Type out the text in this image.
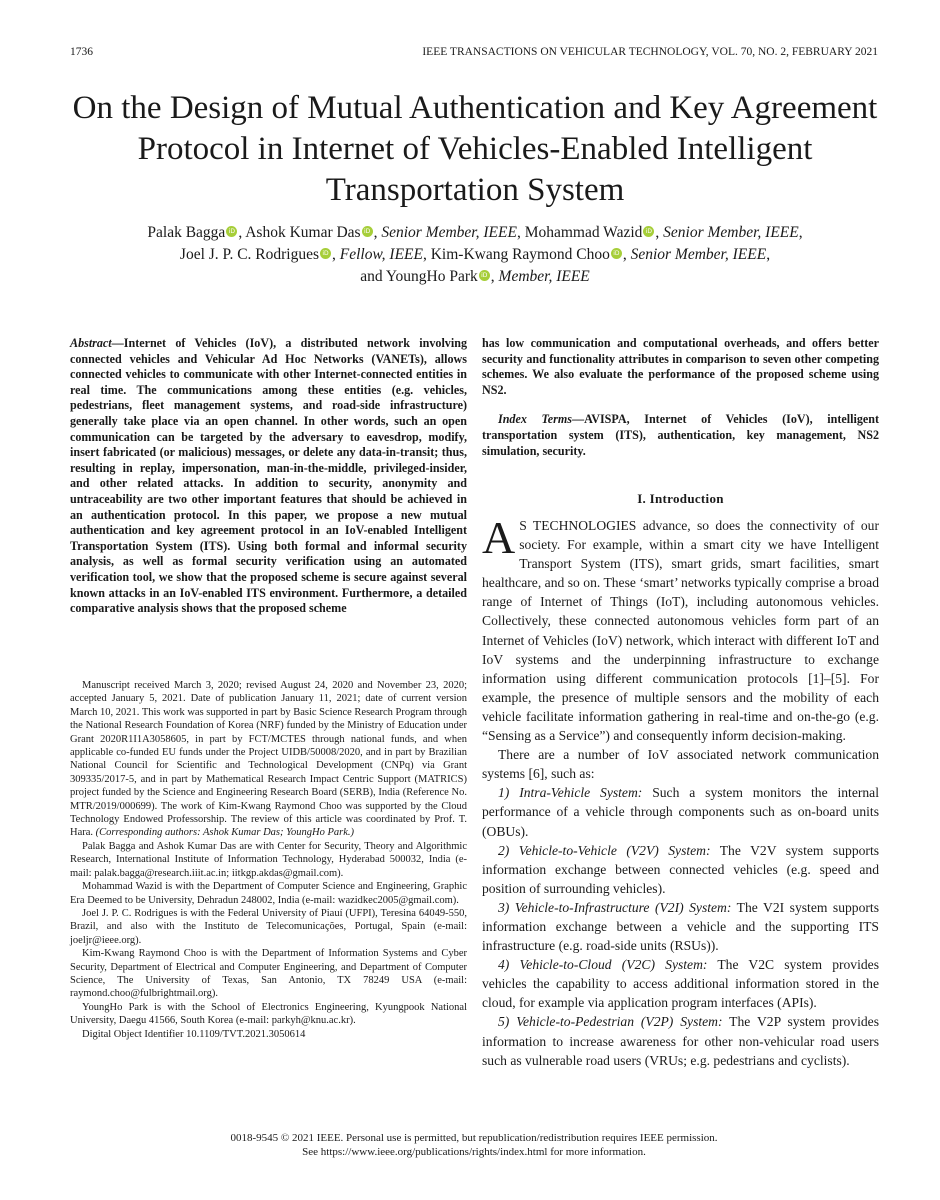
1736	IEEE TRANSACTIONS ON VEHICULAR TECHNOLOGY, VOL. 70, NO. 2, FEBRUARY 2021
On the Design of Mutual Authentication and Key Agreement Protocol in Internet of Vehicles-Enabled Intelligent Transportation System
Palak Bagga iD , Ashok Kumar Das iD , Senior Member, IEEE, Mohammad Wazid iD , Senior Member, IEEE,
Joel J. P. C. Rodrigues iD , Fellow, IEEE, Kim-Kwang Raymond Choo iD , Senior Member, IEEE,
and YoungHo Park iD , Member, IEEE

Abstract—Internet of Vehicles (IoV), a distributed network involving connected vehicles and Vehicular Ad Hoc Networks (VANETs), allows connected vehicles to communicate with other Internet-connected entities in real time. The communications among these entities (e.g. vehicles, pedestrians, fleet management systems, and road-side infrastructure) generally take place via an open channel. In other words, such an open communication can be targeted by the adversary to eavesdrop, modify, insert fabricated (or malicious) messages, or delete any data-in-transit; thus, resulting in replay, impersonation, man-in-the-middle, privileged-insider, and other related attacks. In addition to security, anonymity and untraceability are two other important features that should be achieved in an authentication protocol. In this paper, we propose a new mutual authentication and key agreement protocol in an IoV-enabled Intelligent Transportation System (ITS). Using both formal and informal security analysis, as well as formal security verification using an automated verification tool, we show that the proposed scheme is secure against several known attacks in an IoV-enabled ITS environment. Furthermore, a detailed comparative analysis shows that the proposed scheme

has low communication and computational overheads, and offers better security and functionality attributes in comparison to seven other competing schemes. We also evaluate the performance of the proposed scheme using NS2.

Index Terms—AVISPA, Internet of Vehicles (IoV), intelligent transportation system (ITS), authentication, key management, NS2 simulation, security.

Manuscript received March 3, 2020; revised August 24, 2020 and November 23, 2020; accepted January 5, 2021. Date of publication January 11, 2021; date of current version March 10, 2021. This work was supported in part by Basic Science Research Program through the National Research Foundation of Korea (NRF) funded by the Ministry of Education under Grant 2020R1I1A3058605, in part by FCT/MCTES through national funds, and when applicable co-funded EU funds under the Project UIDB/50008/2020, and in part by Brazilian National Council for Scientific and Technological Development (CNPq) via Grant 309335/2017-5, and in part by Mathematical Research Impact Centric Support (MATRICS) project funded by the Science and Engineering Research Board (SERB), India (Reference No. MTR/2019/000699). The work of Kim-Kwang Raymond Choo was supported by the Cloud Technology Endowed Professorship. The review of this article was coordinated by Prof. T. Hara. (Corresponding authors: Ashok Kumar Das; YoungHo Park.)

Palak Bagga and Ashok Kumar Das are with Center for Security, Theory and Algorithmic Research, International Institute of Information Technology, Hyderabad 500032, India (e-mail: palak.bagga@research.iiit.ac.in; iitkgp.akdas@gmail.com).

Mohammad Wazid is with the Department of Computer Science and Engineering, Graphic Era Deemed to be University, Dehradun 248002, India (e-mail: wazidkec2005@gmail.com).

Joel J. P. C. Rodrigues is with the Federal University of Piauí (UFPI), Teresina 64049-550, Brazil, and also with the Instituto de Telecomunicações, Portugal, Spain (e-mail: joeljr@ieee.org).

Kim-Kwang Raymond Choo is with the Department of Information Systems and Cyber Security, Department of Electrical and Computer Engineering, and Department of Computer Science, The University of Texas, San Antonio, TX 78249 USA (e-mail: raymond.choo@fulbrightmail.org).

YoungHo Park is with the School of Electronics Engineering, Kyungpook National University, Daegu 41566, South Korea (e-mail: parkyh@knu.ac.kr).

Digital Object Identifier 10.1109/TVT.2021.3050614

I. Introduction

A S TECHNOLOGIES advance, so does the connectivity of our society. For example, within a smart city we have Intelligent Transport System (ITS), smart grids, smart facilities, smart healthcare, and so on. These ‘smart’ networks typically comprise a broad range of Internet of Things (IoT), including autonomous vehicles. Collectively, these connected autonomous vehicles form part of an Internet of Vehicles (IoV) network, which interact with different IoT and IoV systems and the underpinning infrastructure to exchange information using different communication protocols [1]–[5]. For example, the presence of multiple sensors and the mobility of each vehicle facilitate information gathering in real-time and on-the-go (e.g. “Sensing as a Service”) and consequently inform decision-making.

There are a number of IoV associated network communication systems [6], such as:

1) Intra-Vehicle System: Such a system monitors the internal performance of a vehicle through components such as on-board units (OBUs).

2) Vehicle-to-Vehicle (V2V) System: The V2V system supports information exchange between connected vehicles (e.g. speed and position of surrounding vehicles).

3) Vehicle-to-Infrastructure (V2I) System: The V2I system supports information exchange between a vehicle and the supporting ITS infrastructure (e.g. road-side units (RSUs)).

4) Vehicle-to-Cloud (V2C) System: The V2C system provides vehicles the capability to access additional information stored in the cloud, for example via application program interfaces (APIs).

5) Vehicle-to-Pedestrian (V2P) System: The V2P system provides information to increase awareness for other non-vehicular road users such as vulnerable road users (VRUs; e.g. pedestrians and cyclists).

0018-9545 © 2021 IEEE. Personal use is permitted, but republication/redistribution requires IEEE permission.
See https://www.ieee.org/publications/rights/index.html for more information.
